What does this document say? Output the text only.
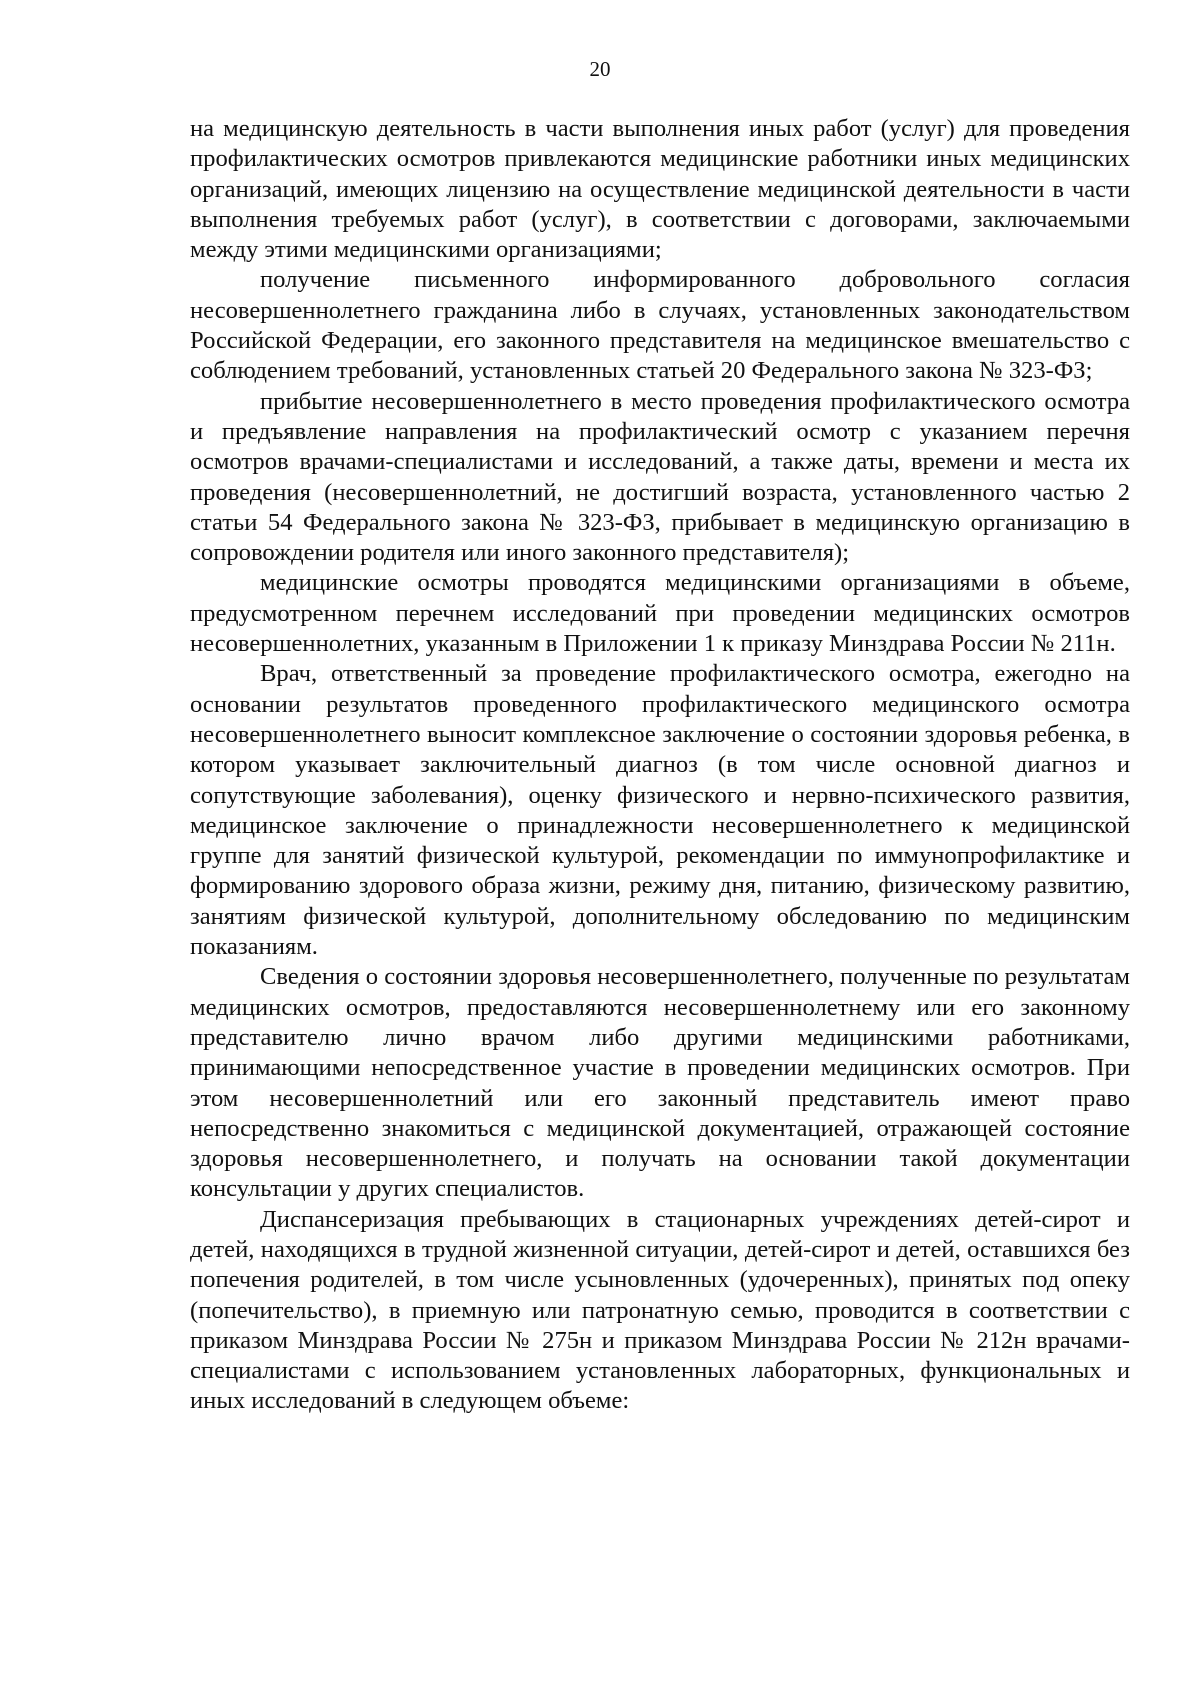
20

на медицинскую деятельность в части выполнения иных работ (услуг) для проведения профилактических осмотров привлекаются медицинские работники иных медицинских организаций, имеющих лицензию на осуществление медицинской деятельности в части выполнения требуемых работ (услуг), в соответствии с договорами, заключаемыми между этими медицинскими организациями;

получение письменного информированного добровольного согласия несовершеннолетнего гражданина либо в случаях, установленных законодательством Российской Федерации, его законного представителя на медицинское вмешательство с соблюдением требований, установленных статьей 20 Федерального закона № 323-ФЗ;

прибытие несовершеннолетнего в место проведения профилактического осмотра и предъявление направления на профилактический осмотр с указанием перечня осмотров врачами-специалистами и исследований, а также даты, времени и места их проведения (несовершеннолетний, не достигший возраста, установленного частью 2 статьи 54 Федерального закона № 323-ФЗ, прибывает в медицинскую организацию в сопровождении родителя или иного законного представителя);

медицинские осмотры проводятся медицинскими организациями в объеме, предусмотренном перечнем исследований при проведении медицинских осмотров несовершеннолетних, указанным в Приложении 1 к приказу Минздрава России № 211н.

Врач, ответственный за проведение профилактического осмотра, ежегодно на основании результатов проведенного профилактического медицинского осмотра несовершеннолетнего выносит комплексное заключение о состоянии здоровья ребенка, в котором указывает заключительный диагноз (в том числе основной диагноз и сопутствующие заболевания), оценку физического и нервно-психического развития, медицинское заключение о принадлежности несовершеннолетнего к медицинской группе для занятий физической культурой, рекомендации по иммунопрофилактике и формированию здорового образа жизни, режиму дня, питанию, физическому развитию, занятиям физической культурой, дополнительному обследованию по медицинским показаниям.

Сведения о состоянии здоровья несовершеннолетнего, полученные по результатам медицинских осмотров, предоставляются несовершеннолетнему или его законному представителю лично врачом либо другими медицинскими работниками, принимающими непосредственное участие в проведении медицинских осмотров. При этом несовершеннолетний или его законный представитель имеют право непосредственно знакомиться с медицинской документацией, отражающей состояние здоровья несовершеннолетнего, и получать на основании такой документации консультации у других специалистов.

Диспансеризация пребывающих в стационарных учреждениях детей-сирот и детей, находящихся в трудной жизненной ситуации, детей-сирот и детей, оставшихся без попечения родителей, в том числе усыновленных (удочеренных), принятых под опеку (попечительство), в приемную или патронатную семью, проводится в соответствии с приказом Минздрава России № 275н и приказом Минздрава России № 212н врачами-специалистами с использованием установленных лабораторных, функциональных и иных исследований в следующем объеме:
